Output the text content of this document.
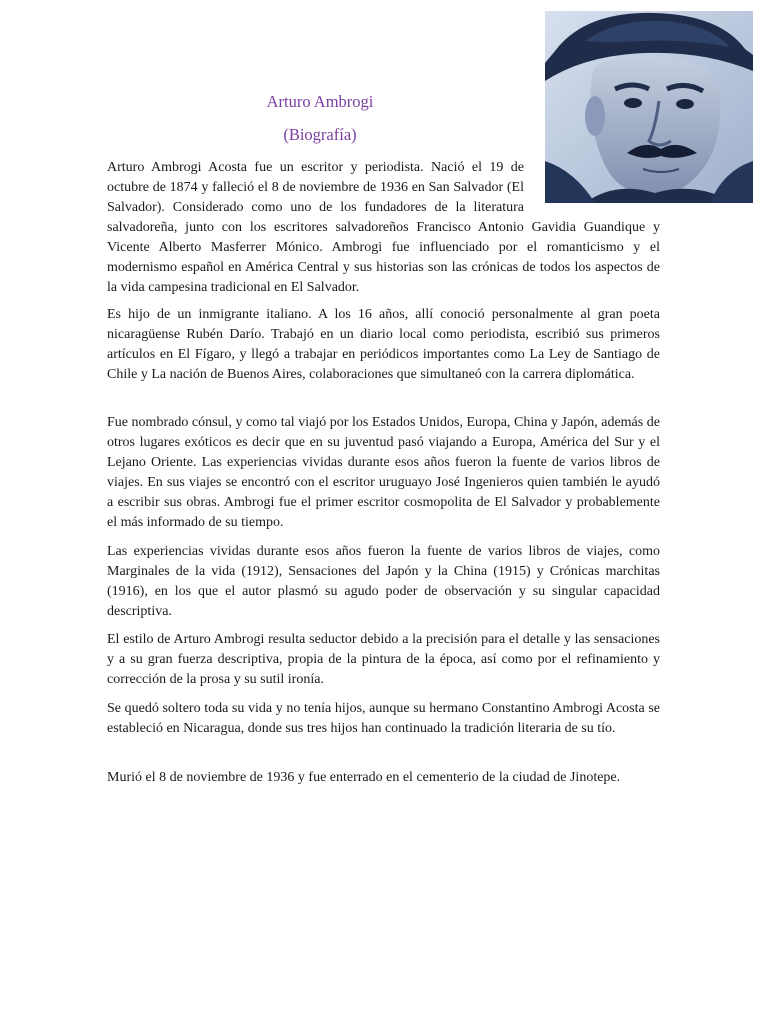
Arturo Ambrogi
(Biografía)

Arturo Ambrogi Acosta fue un escritor y periodista. Nació el 19 de octubre de 1874 y falleció el 8 de noviembre de 1936 en San Salvador (El Salvador). Considerado como uno de los fundadores de la literatura salvadoreña, junto con los escritores salvadoreños Francisco Antonio Gavidia Guandique y Vicente Alberto Masferrer Mónico. Ambrogi fue influenciado por el romanticismo y el modernismo español en América Central y sus historias son las crónicas de todos los aspectos de la vida campesina tradicional en El Salvador.

Es hijo de un inmigrante italiano. A los 16 años, allí conoció personalmente al gran poeta nicaragüense Rubén Darío. Trabajó en un diario local como periodista, escribió sus primeros artículos en El Fígaro, y llegó a trabajar en periódicos importantes como La Ley de Santiago de Chile y La nación de Buenos Aires, colaboraciones que simultaneó con la carrera diplomática.

Fue nombrado cónsul, y como tal viajó por los Estados Unidos, Europa, China y Japón, además de otros lugares exóticos es decir que en su juventud pasó viajando a Europa, América del Sur y el Lejano Oriente. Las experiencias vividas durante esos años fueron la fuente de varios libros de viajes. En sus viajes se encontró con el escritor uruguayo José Ingenieros quien también le ayudó a escribir sus obras. Ambrogi fue el primer escritor cosmopolita de El Salvador y probablemente el más informado de su tiempo.

Las experiencias vividas durante esos años fueron la fuente de varios libros de viajes, como Marginales de la vida (1912), Sensaciones del Japón y la China (1915) y Crónicas marchitas (1916), en los que el autor plasmó su agudo poder de observación y su singular capacidad descriptiva.

El estilo de Arturo Ambrogi resulta seductor debido a la precisión para el detalle y las sensaciones y a su gran fuerza descriptiva, propia de la pintura de la época, así como por el refinamiento y corrección de la prosa y su sutil ironía.

Se quedó soltero toda su vida y no tenía hijos, aunque su hermano Constantino Ambrogi Acosta se estableció en Nicaragua, donde sus tres hijos han continuado la tradición literaria de su tío.

Murió el 8 de noviembre de 1936 y fue enterrado en el cementerio de la ciudad de Jinotepe.
